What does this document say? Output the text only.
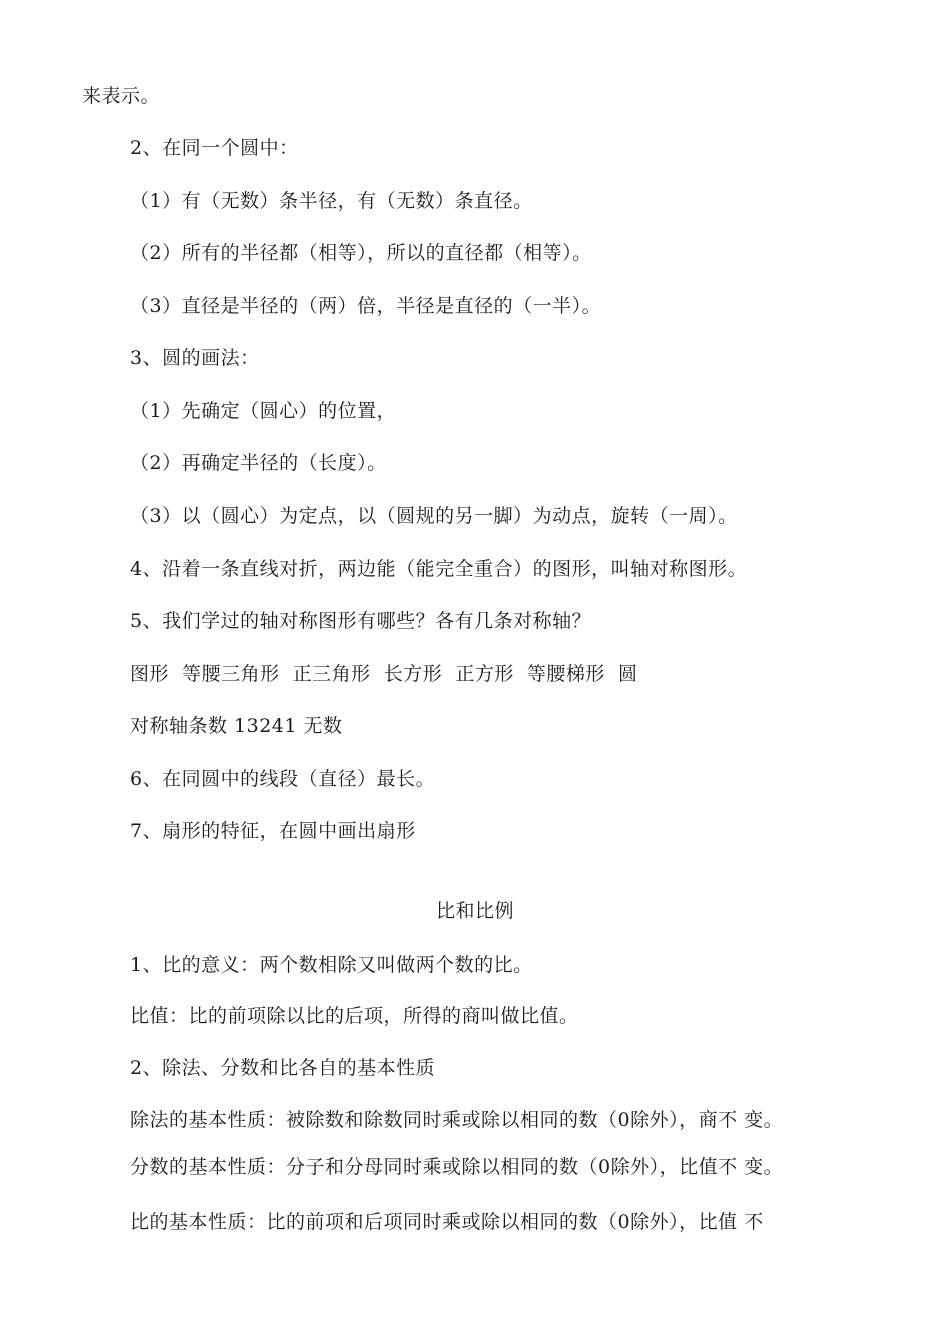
来表示。
2、在同一个圆中：
（1）有（无数）条半径，有（无数）条直径。
（2）所有的半径都（相等），所以的直径都（相等）。
（3）直径是半径的（两）倍，半径是直径的（一半）。
3、圆的画法：
（1）先确定（圆心）的位置，
（2）再确定半径的（长度）。
（3）以（圆心）为定点，以（圆规的另一脚）为动点，旋转（一周）。
4、沿着一条直线对折，两边能（能完全重合）的图形，叫轴对称图形。
5、我们学过的轴对称图形有哪些？各有几条对称轴？
图形  等腰三角形  正三角形  长方形  正方形  等腰梯形  圆
对称轴条数 13241 无数
6、在同圆中的线段（直径）最长。
7、扇形的特征，在圆中画出扇形
比和比例
1、比的意义：两个数相除又叫做两个数的比。
比值：比的前项除以比的后项，所得的商叫做比值。
2、除法、分数和比各自的基本性质
除法的基本性质：被除数和除数同时乘或除以相同的数（0除外），商不 变。
分数的基本性质：分子和分母同时乘或除以相同的数（0除外），比值不 变。
比的基本性质：比的前项和后项同时乘或除以相同的数（0除外），比值 不
